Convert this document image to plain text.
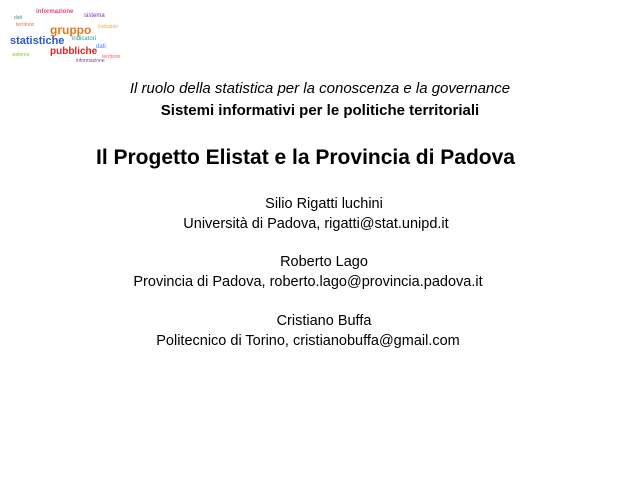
informazione
dati	sistema
indicatori
territorio
dati
sistema	territorio
informazione
gruppo
statistiche
pubbliche
indicatori
Il ruolo della statistica per la conoscenza e la governance
Sistemi informativi per le politiche territoriali
Il Progetto Elistat e la Provincia di Padova
Silio Rigatti luchini
Università di Padova, rigatti@stat.unipd.it
Roberto Lago
Provincia di Padova, roberto.lago@provincia.padova.it
Cristiano Buffa
Politecnico di Torino, cristianobuffa@gmail.com
